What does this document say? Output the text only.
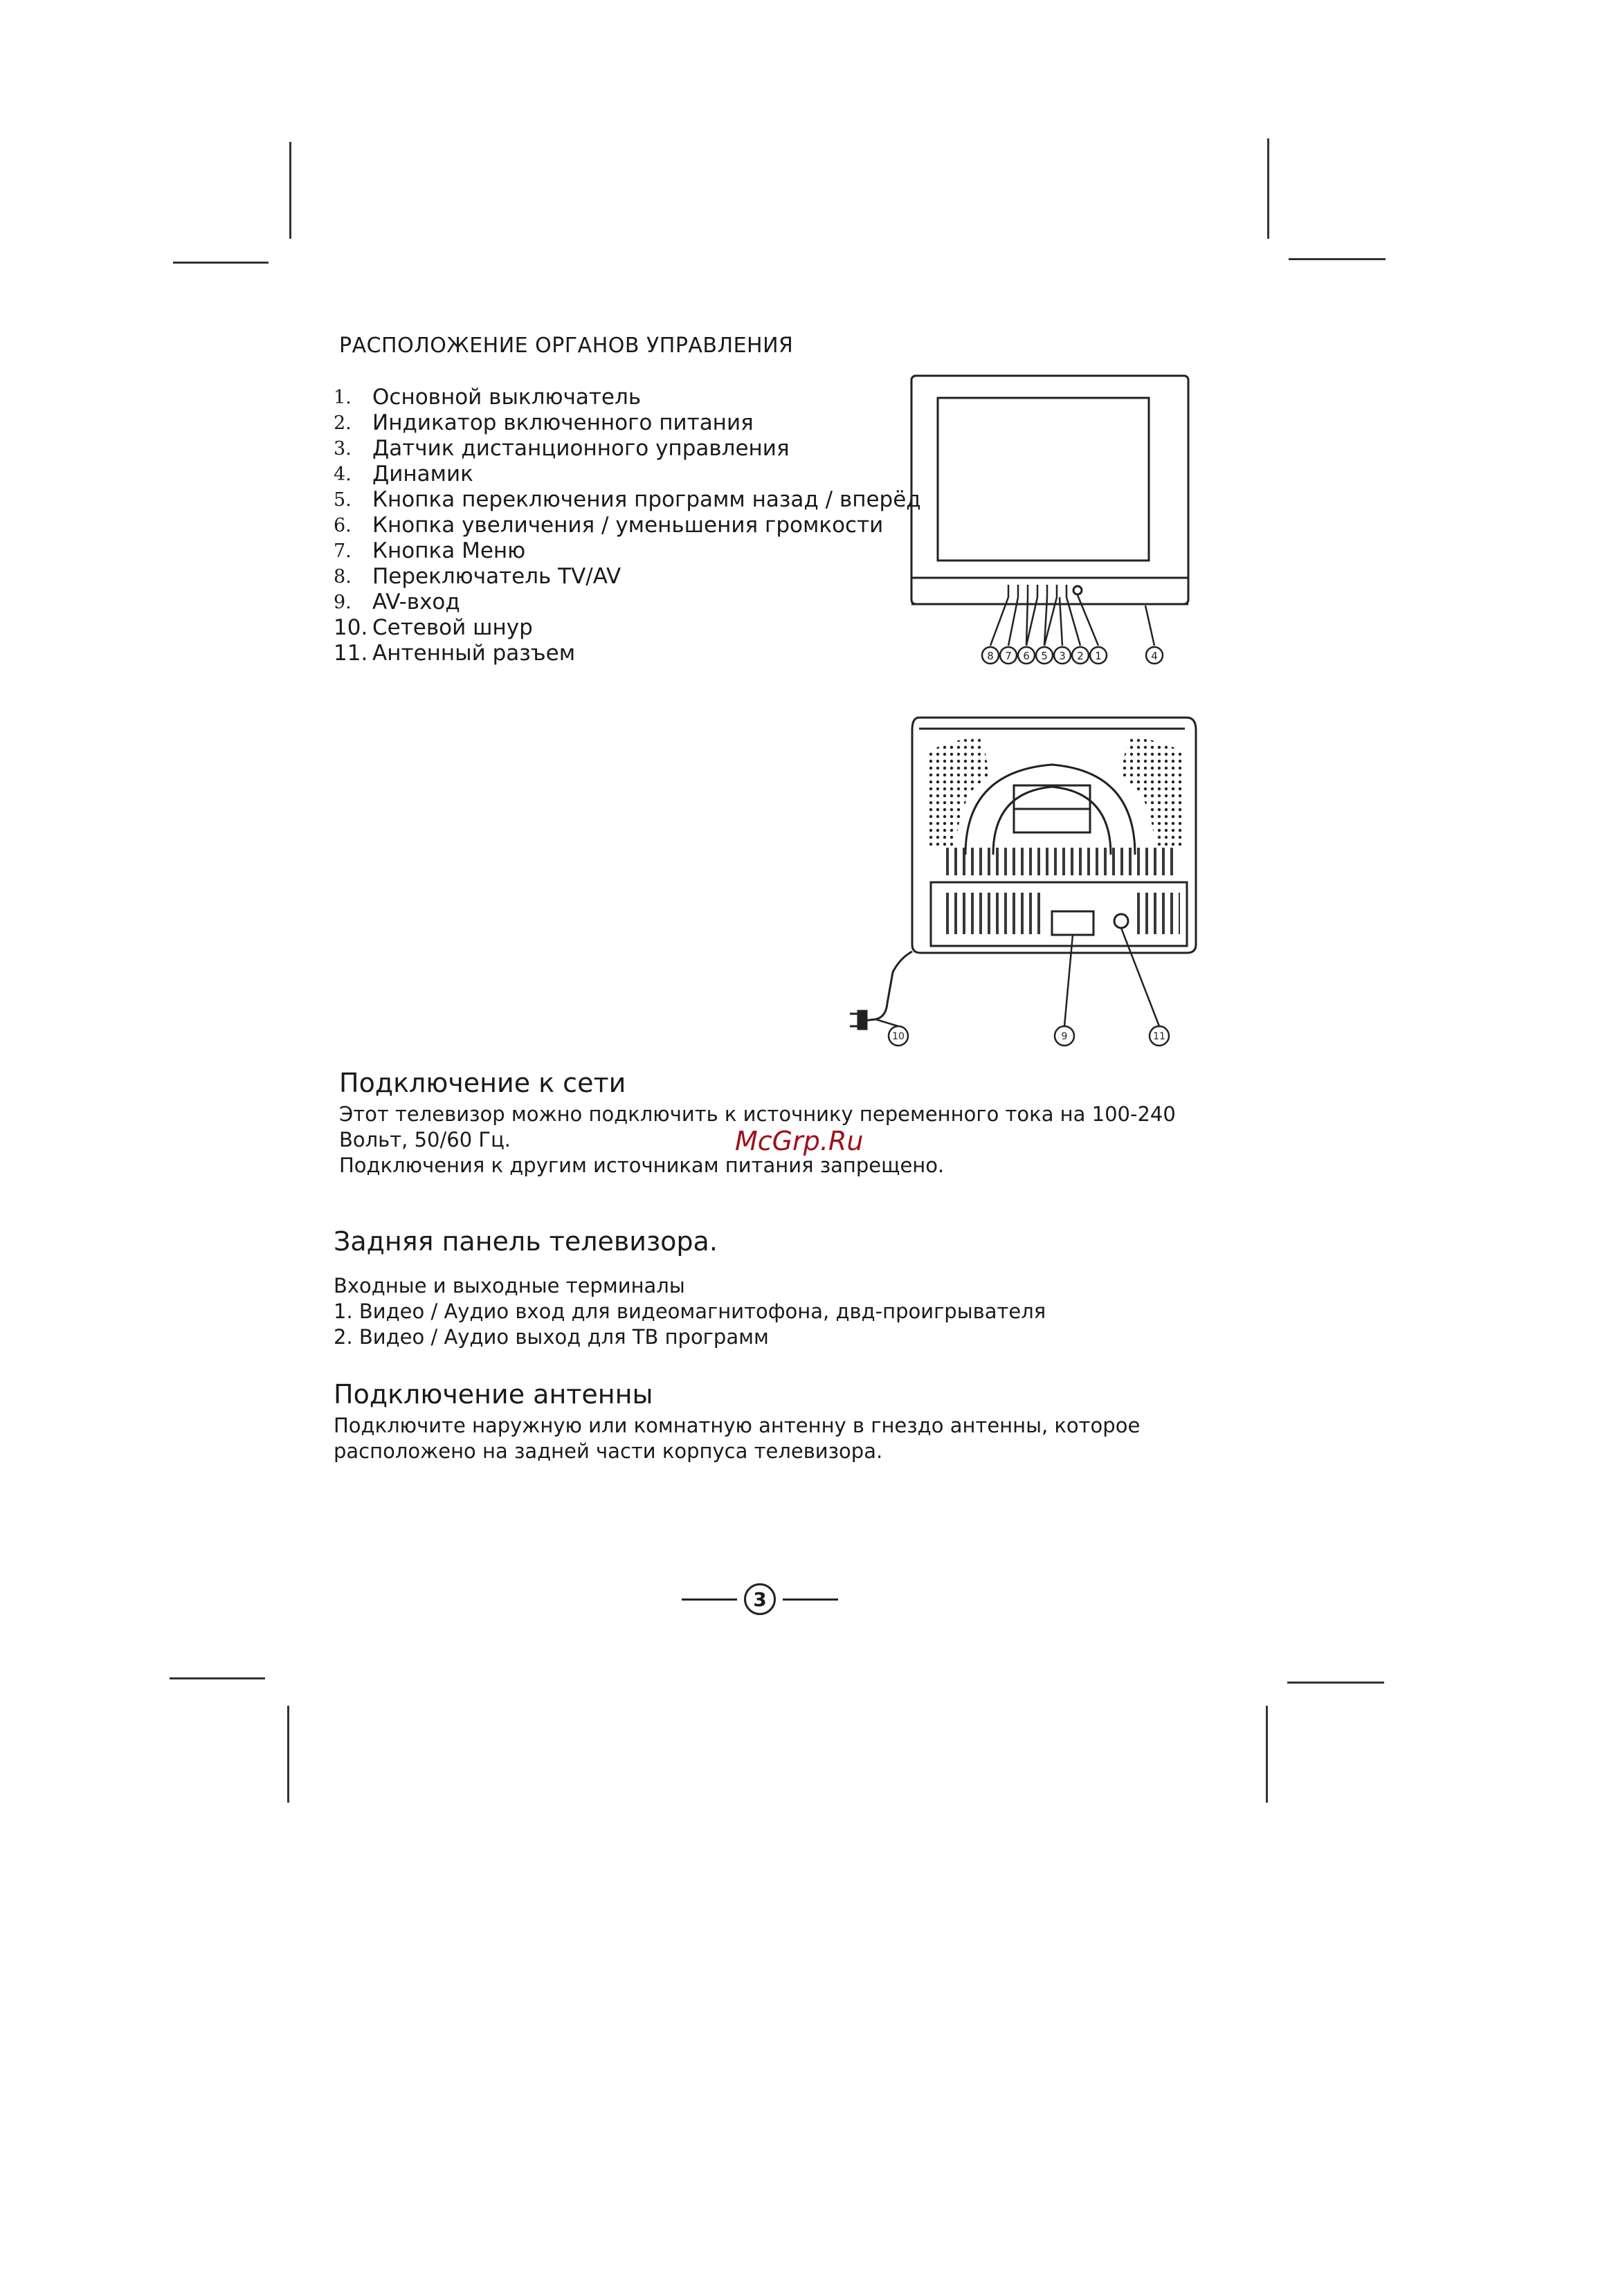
РАСПОЛОЖЕНИЕ ОРГАНОВ УПРАВЛЕНИЯ
1. Основной выключатель
2. Индикатор включенного питания
3. Датчик дистанционного управления
4. Динамик
5. Кнопка переключения программ назад / вперёд
6. Кнопка увеличения / уменьшения громкости
7. Кнопка Меню
8. Переключатель TV/AV
9. AV-вход
10. Сетевой шнур
11. Антенный разъем	8 7 6 5 3 2 1	4
10	9	11
Подключение к сети

Этот телевизор можно подключить к источнику переменного тока на 100-240

Вольт, 50/60 Гц.

Подключения к другим источникам питания запрещено.

McGrp.Ru
Задняя панель телевизора.

Входные и выходные терминалы

1. Видео / Аудио вход для видеомагнитофона, двд-проигрывателя

2. Видео / Аудио выход для ТВ программ

Подключение антенны

Подключите наружную или комнатную антенну в гнездо антенны, которое

расположено на задней части корпуса телевизора.

3
